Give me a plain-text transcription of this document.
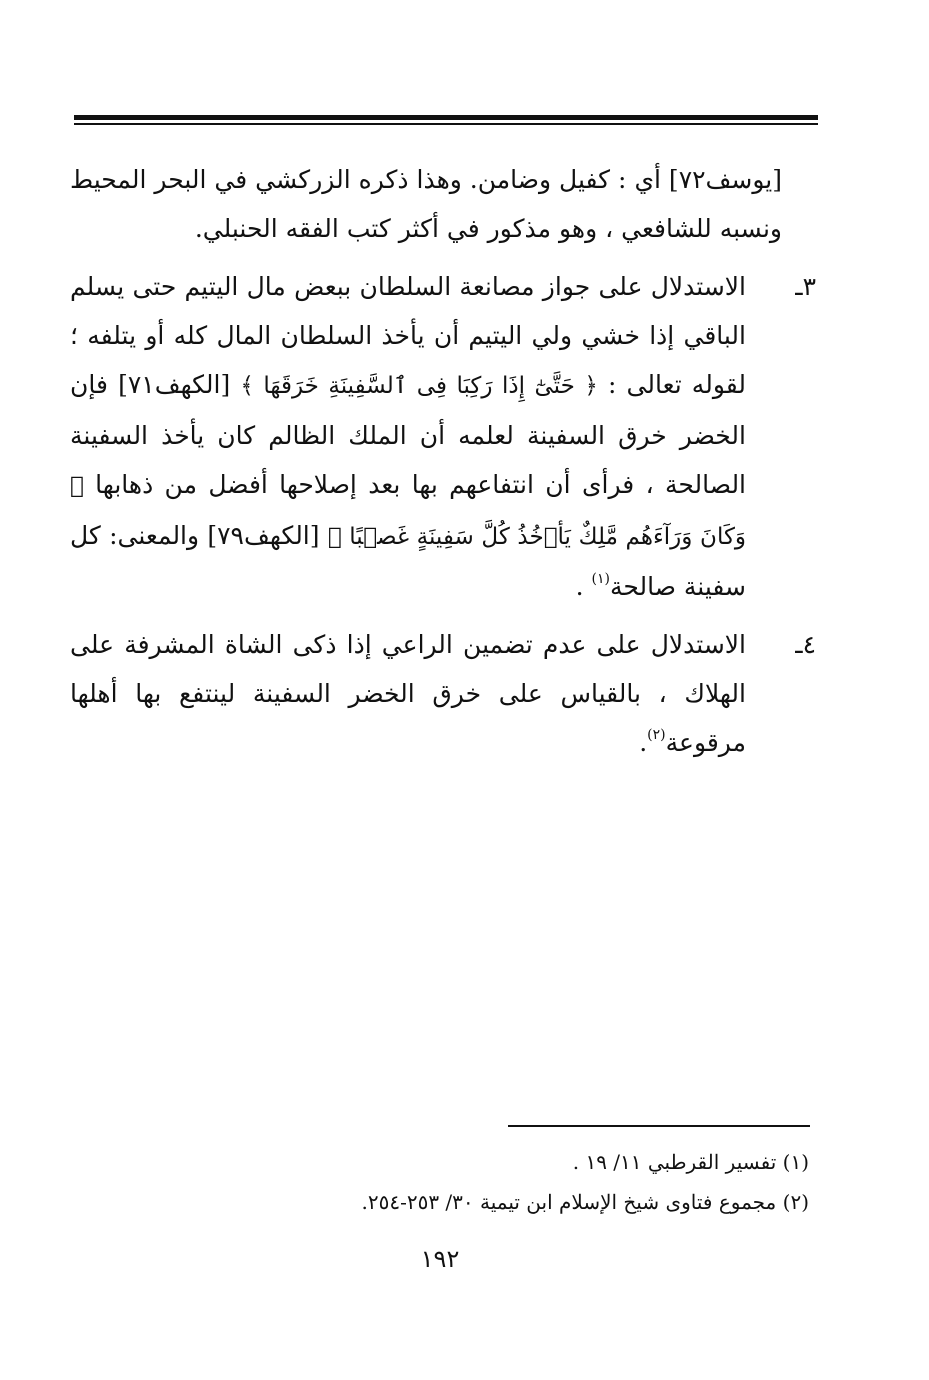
[يوسف٧٢] أي : كفيل وضامن. وهذا ذكره الزركشي في البحر المحيط ونسبه للشافعي ، وهو مذكور في أكثر كتب الفقه الحنبلي.

٣ـ
الاستدلال على جواز مصانعة السلطان ببعض مال اليتيم حتى يسلم الباقي إذا خشي ولي اليتيم أن يأخذ السلطان المال كله أو يتلفه ؛ لقوله تعالى : ﴿ حَتَّىٰٓ إِذَا رَكِبَا فِى ٱلسَّفِينَةِ خَرَقَهَا ﴾ [الكهف٧١] فإن الخضر خرق السفينة لعلمه أن الملك الظالم كان يأخذ السفينة الصالحة ، فرأى أن انتفاعهم بها بعد إصلاحها أفضل من ذهابها ﴿ وَكَانَ وَرَآءَهُم مَّلِكٌ يَأۡخُذُ كُلَّ سَفِينَةٍ غَصۡبًا ﴾ [الكهف٧٩] والمعنى: كل سفينة صالحة$^{(١)}$ .
٤ـ
الاستدلال على عدم تضمين الراعي إذا ذكى الشاة المشرفة على الهلاك ، بالقياس على خرق الخضر السفينة لينتفع بها أهلها مرقوعة$^{(٢)}$.

(١) تفسير القرطبي ١١/ ١٩ .

(٢) مجموع فتاوى شيخ الإسلام ابن تيمية ٣٠/ ٢٥٣-٢٥٤.

١٩٢
